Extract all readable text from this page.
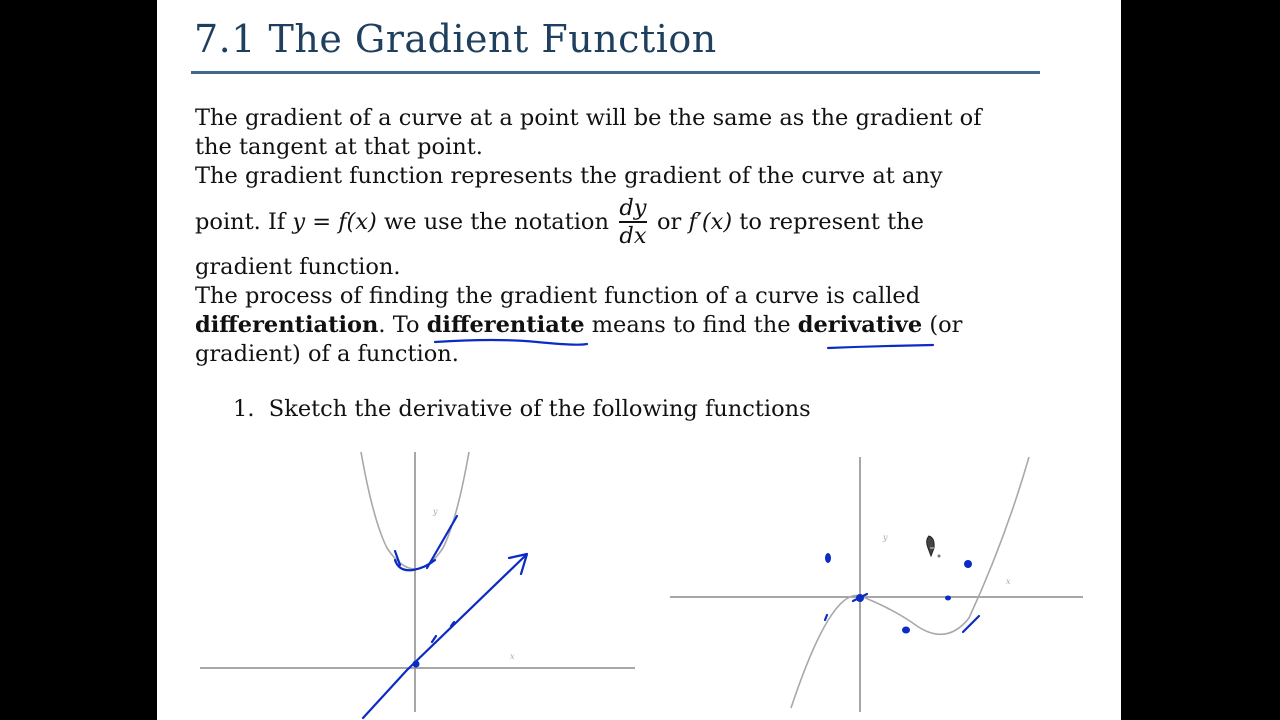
7.1 The Gradient Function

The gradient of a curve at a point will be the same as the gradient of

the tangent at that point.

The gradient function represents the gradient of the curve at any

point. If
y = f(x)
we use the notation $\frac{dy}{dx}$ or
f′(x)
to represent the

gradient function.

The process of finding the gradient function of a curve is called

differentiation. To differentiate means to find the derivative (or

gradient) of a function.

1. Sketch the derivative of the following functions
y
x
y
x
